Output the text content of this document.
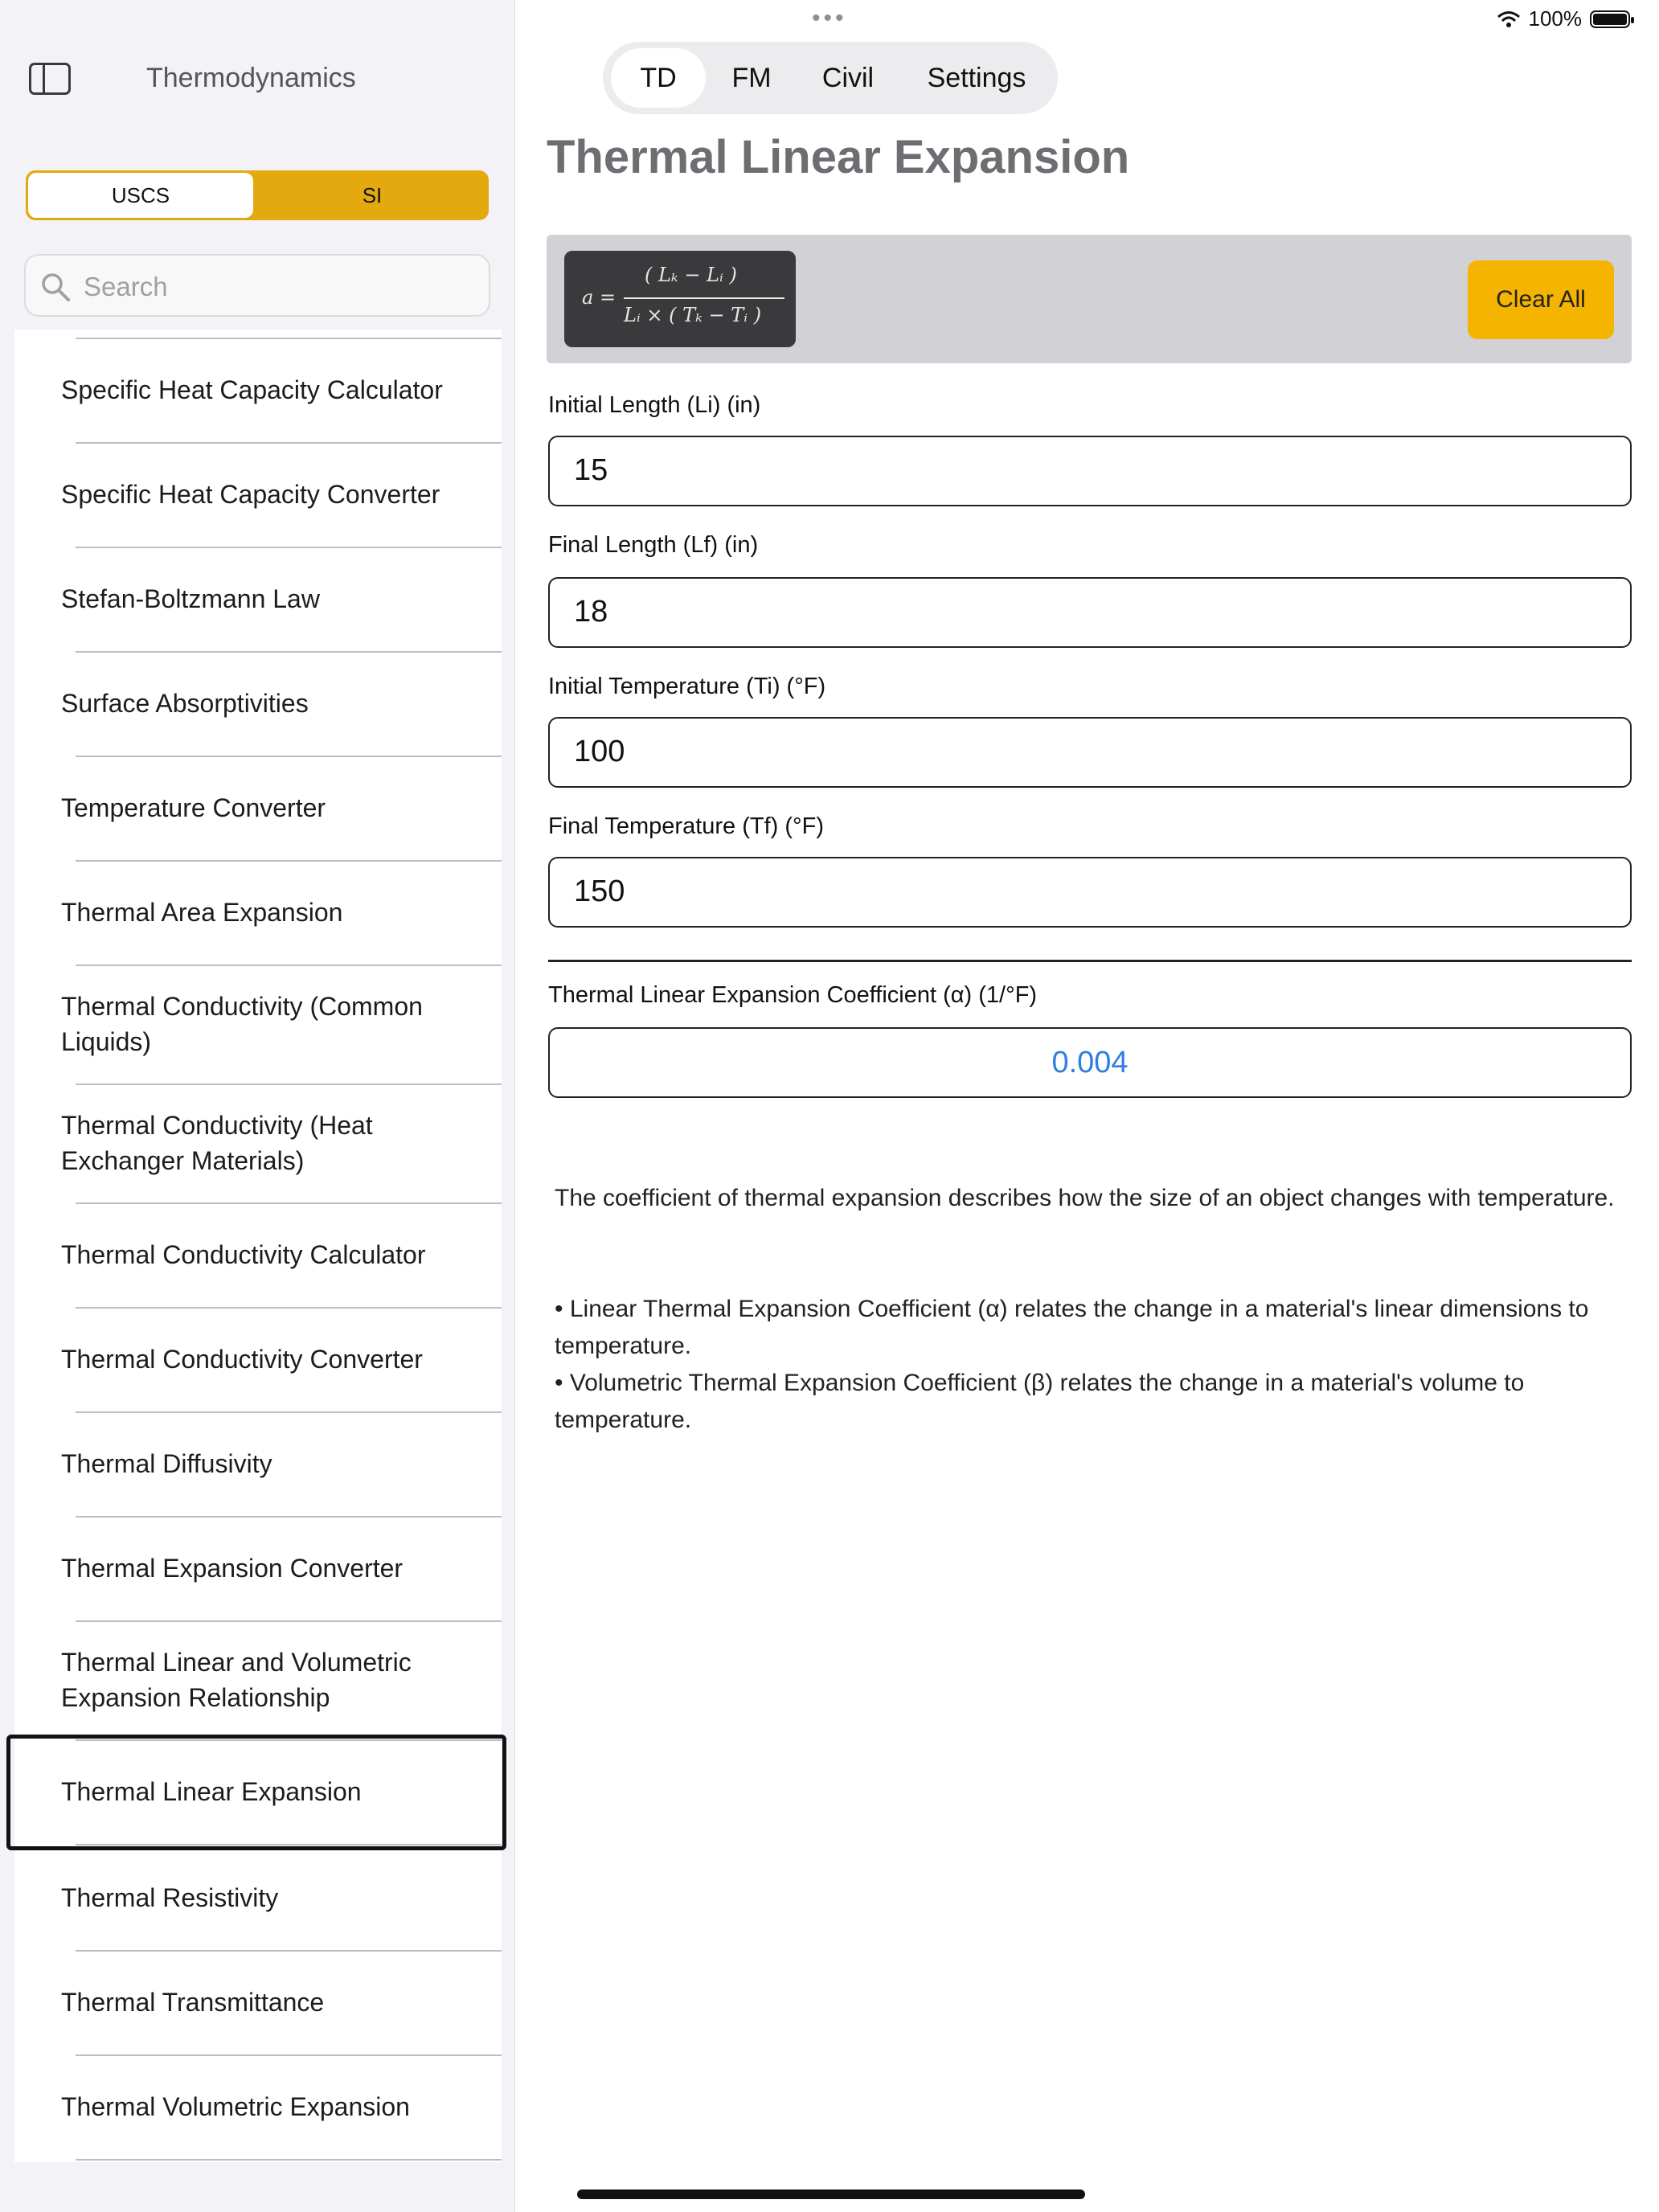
•••	100%
Thermodynamics
USCS	SI
Search
Specific Heat Capacity Calculator
Specific Heat Capacity Converter
Stefan-Boltzmann Law
Surface Absorptivities
Temperature Converter
Thermal Area Expansion
Thermal Conductivity (Common Liquids)
Thermal Conductivity (Heat Exchanger Materials)
Thermal Conductivity Calculator
Thermal Conductivity Converter
Thermal Diffusivity
Thermal Expansion Converter
Thermal Linear and Volumetric Expansion Relationship
Thermal Linear Expansion
Thermal Resistivity
Thermal Transmittance
Thermal Volumetric Expansion
TD	FM	Civil	Settings
Thermal Linear Expansion
a =
( Lₖ − Lᵢ )
Lᵢ × ( Tₖ − Tᵢ )
Clear All
Initial Length (Li) (in)
15
Final Length (Lf) (in)
18
Initial Temperature (Ti) (°F)
100
Final Temperature (Tf) (°F)
150
Thermal Linear Expansion Coefficient (α) (1/°F)
0.004
The coefficient of thermal expansion describes how the size of an object changes with temperature.
• Linear Thermal Expansion Coefficient (α) relates the change in a material's linear dimensions to temperature.
• Volumetric Thermal Expansion Coefficient (β) relates the change in a material's volume to temperature.
